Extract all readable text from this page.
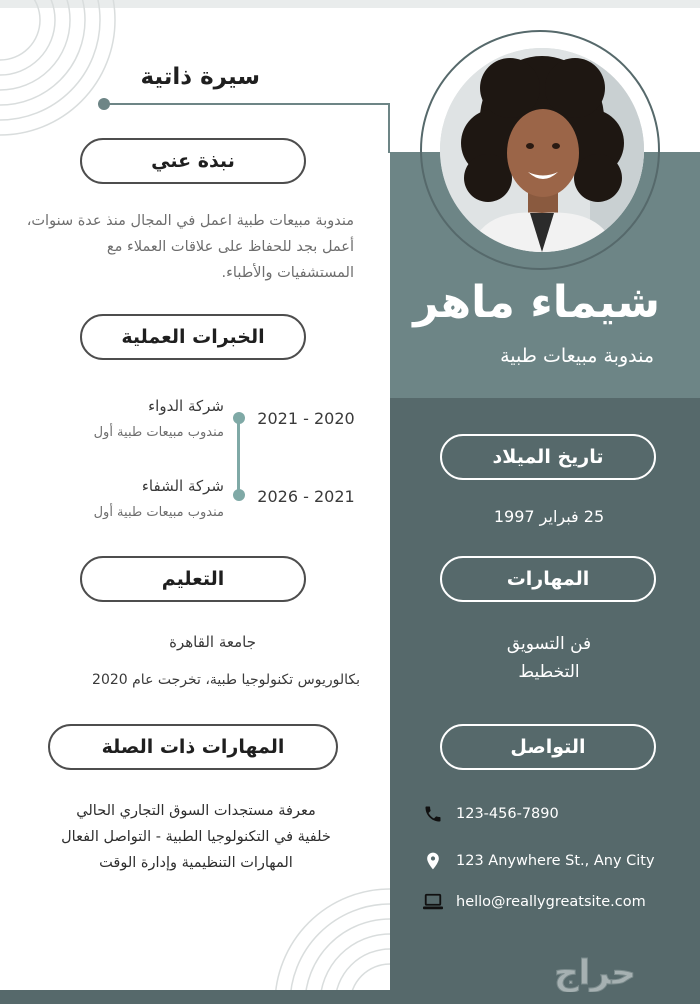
سيرة ذاتية
شيماء ماهر
مندوبة مبيعات طبية
نبذة عني
مندوبة مبيعات طبية اعمل في المجال منذ عدة سنوات، أعمل بجد للحفاظ على علاقات العملاء مع المستشفيات والأطباء.
الخبرات العملية
شركة الدواء
مندوب مبيعات طبية أول
2021 - 2020
شركة الشفاء
مندوب مبيعات طبية أول
2026 - 2021
التعليم
جامعة القاهرة
بكالوريوس تكنولوجيا طبية، تخرجت عام 2020
المهارات ذات الصلة
معرفة مستجدات السوق التجاري الحالي
خلفية في التكنولوجيا الطبية - التواصل الفعال
المهارات التنظيمية وإدارة الوقت
تاريخ الميلاد
25 فبراير 1997
المهارات
فن التسويق
التخطيط
التواصل
123-456-7890
123 Anywhere St., Any City
hello@reallygreatsite.com
حراج
